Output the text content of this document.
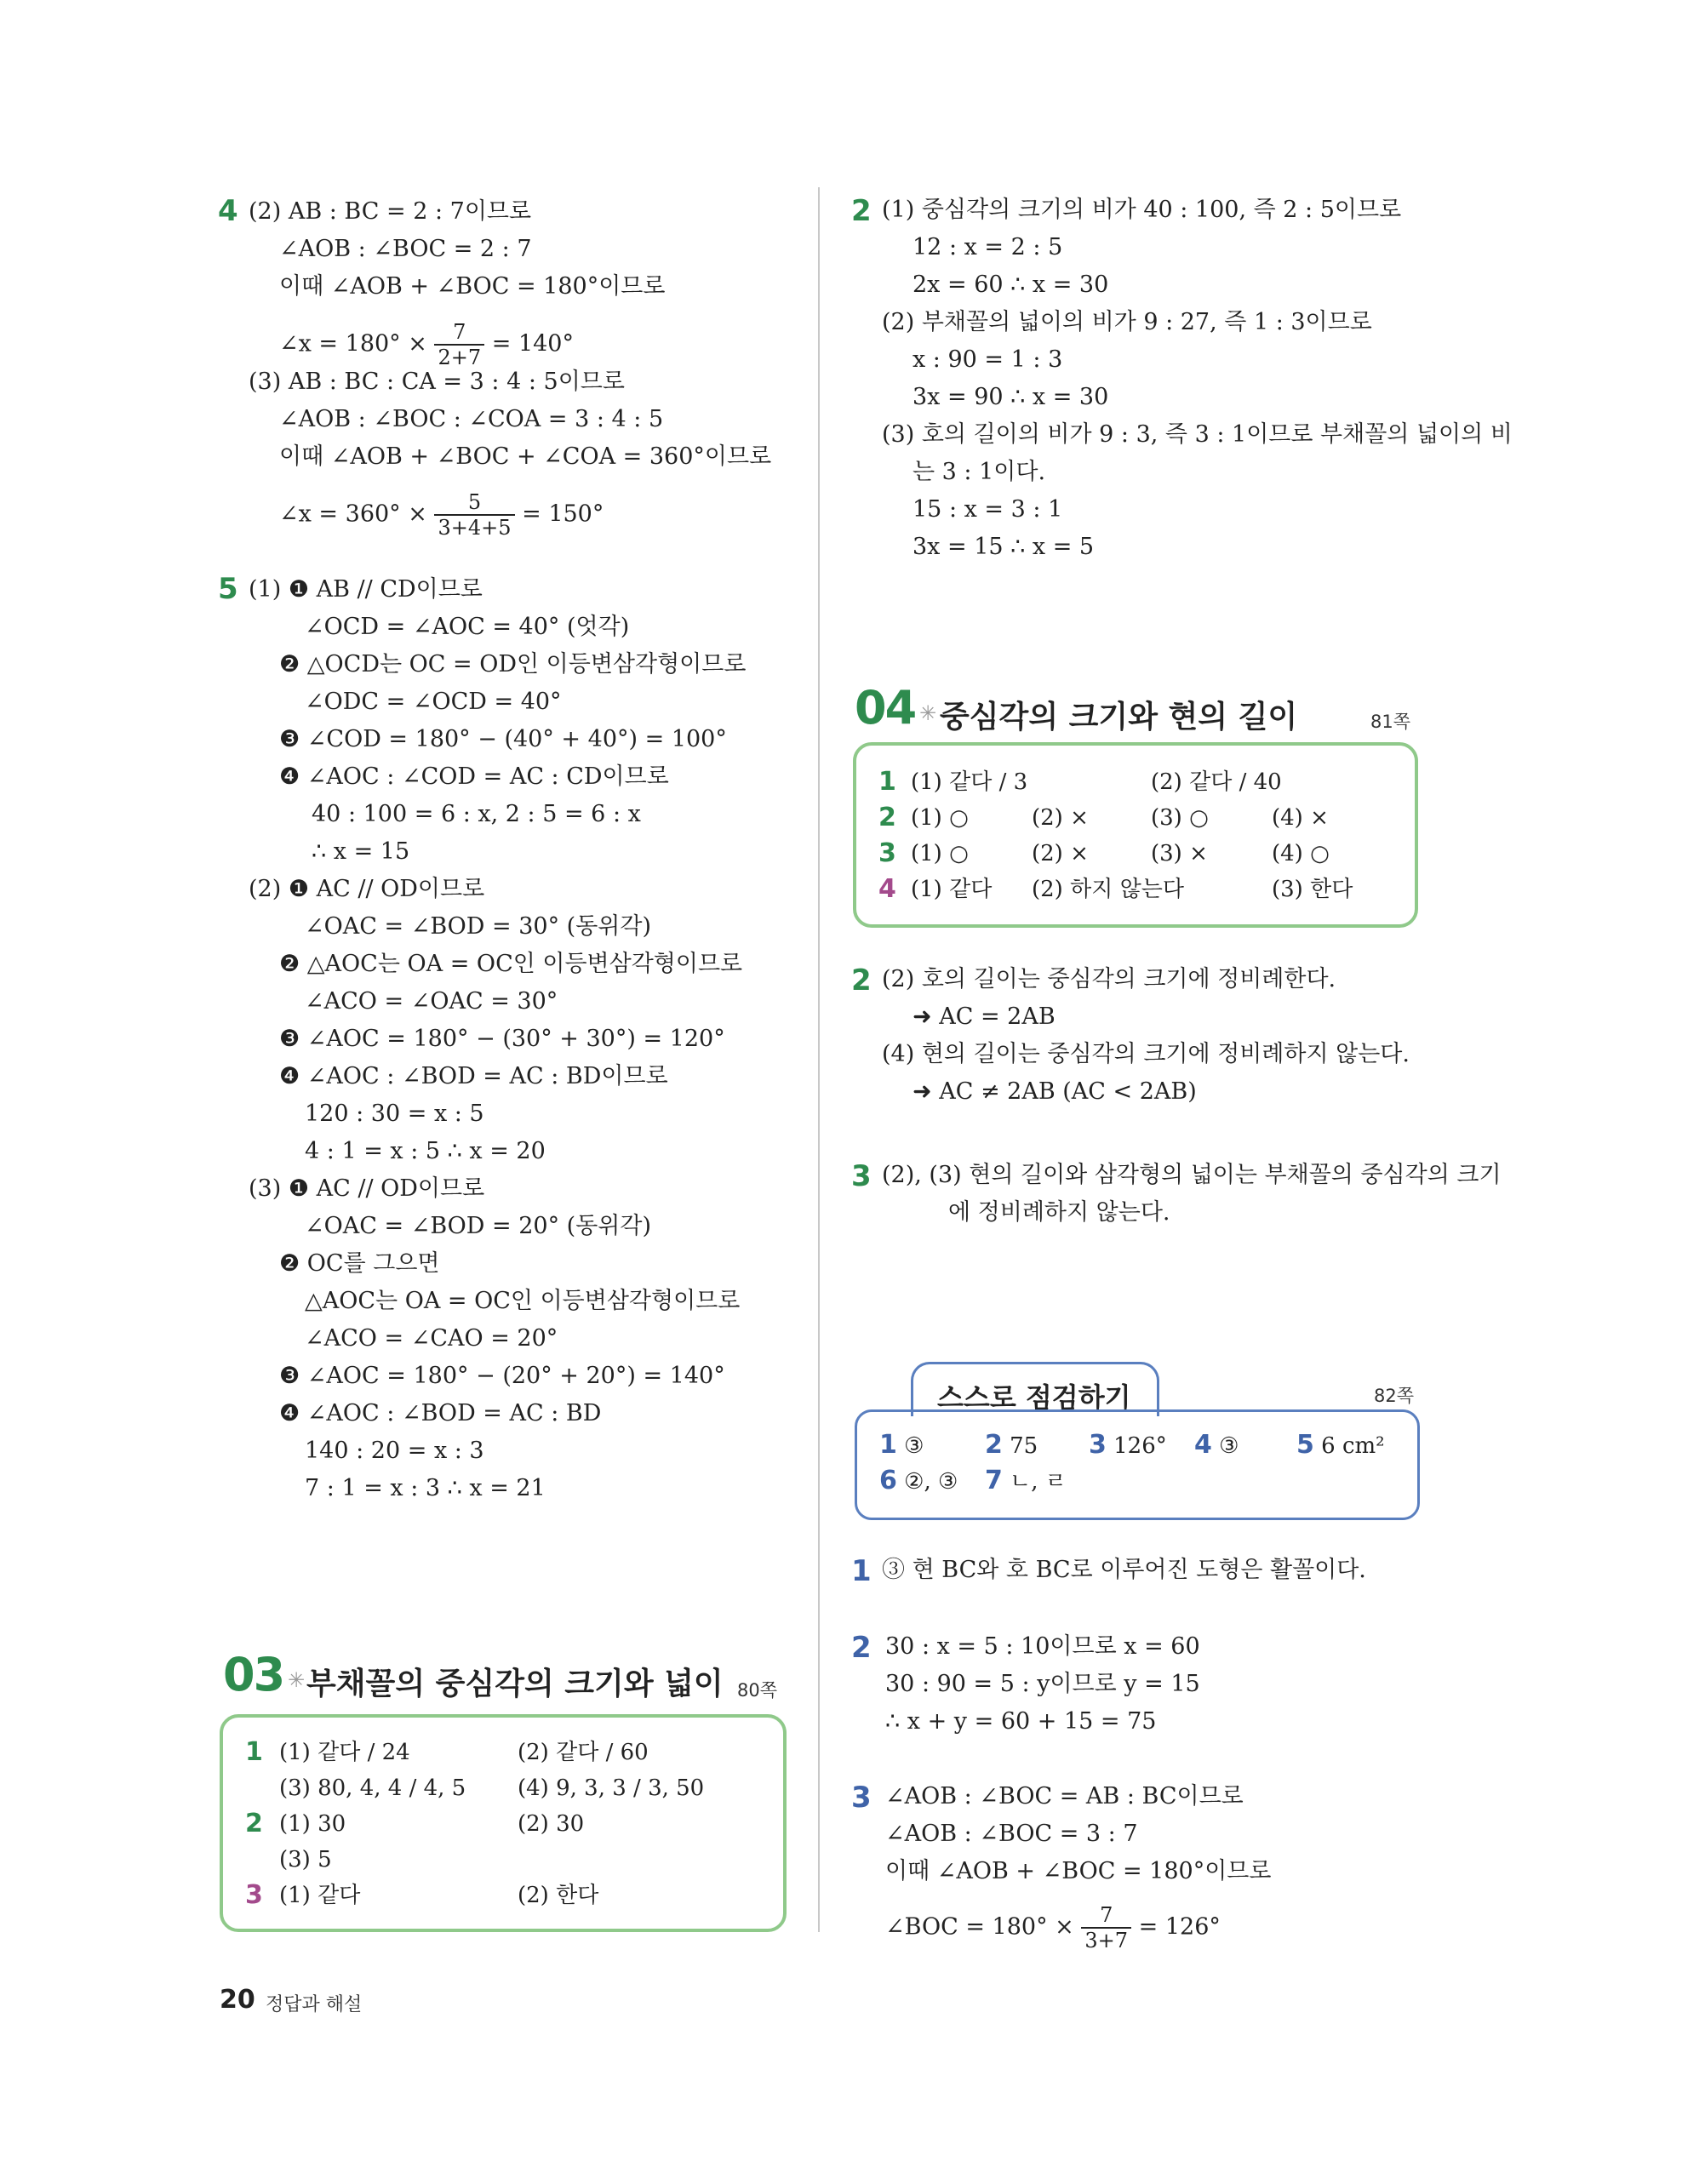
4 (2) AB : BC = 2 : 7이므로
∠AOB : ∠BOC = 2 : 7
이때 ∠AOB + ∠BOC = 180°이므로
∠x = $180^\circ \times \frac{7}{2+7} = 140^\circ$
(3) AB : BC : CA = 3 : 4 : 5이므로
∠AOB : ∠BOC : ∠COA = 3 : 4 : 5
이때 ∠AOB + ∠BOC + ∠COA = 360°이므로
∠x = $360^\circ \times \frac{5}{3+4+5} = 150^\circ$
5 (1) ❶ AB // CD이므로
∠OCD = ∠AOC = 40° (엇각)
❷ △OCD는 OC = OD인 이등변삼각형이므로
∠ODC = ∠OCD = 40°
❸ ∠COD = 180° − (40° + 40°) = 100°
❹ ∠AOC : ∠COD = AC : CD이므로
40 : 100 = 6 : x, 2 : 5 = 6 : x
∴ x = 15
(2) ❶ AC // OD이므로
∠OAC = ∠BOD = 30° (동위각)
❷ △AOC는 OA = OC인 이등변삼각형이므로
∠ACO = ∠OAC = 30°
❸ ∠AOC = 180° − (30° + 30°) = 120°
❹ ∠AOC : ∠BOD = AC : BD이므로
120 : 30 = x : 5
4 : 1 = x : 5 ∴ x = 20
(3) ❶ AC // OD이므로
∠OAC = ∠BOD = 20° (동위각)
❷ OC를 그으면
△AOC는 OA = OC인 이등변삼각형이므로
∠ACO = ∠CAO = 20°
❸ ∠AOC = 180° − (20° + 20°) = 140°
❹ ∠AOC : ∠BOD = AC : BD
140 : 20 = x : 3
7 : 1 = x : 3 ∴ x = 21
03 ✳ 부채꼴의 중심각의 크기와 넓이 80쪽
1 (1) 같다 / 24	(2) 같다 / 60
(3) 80, 4, 4 / 4, 5 (4) 9, 3, 3 / 3, 50
2 (1) 30	(2) 30
(3) 5
3 (1) 같다	(2) 한다
2 (1) 중심각의 크기의 비가 40 : 100, 즉 2 : 5이므로
12 : x = 2 : 5
2x = 60 ∴ x = 30
(2) 부채꼴의 넓이의 비가 9 : 27, 즉 1 : 3이므로
x : 90 = 1 : 3
3x = 90 ∴ x = 30
(3) 호의 길이의 비가 9 : 3, 즉 3 : 1이므로 부채꼴의 넓이의 비
는 3 : 1이다.
15 : x = 3 : 1
3x = 15 ∴ x = 5
04 ✳ 중심각의 크기와 현의 길이	81쪽
1 (1) 같다 / 3	(2) 같다 / 40
2 (1) ○	(2) ×	(3) ○	(4) ×
3 (1) ○	(2) ×	(3) ×	(4) ○
4 (1) 같다 (2) 하지 않는다	(3) 한다
2 (2) 호의 길이는 중심각의 크기에 정비례한다.
➜ AC = 2AB
(4) 현의 길이는 중심각의 크기에 정비례하지 않는다.
➜ AC ≠ 2AB (AC < 2AB)
3 (2), (3) 현의 길이와 삼각형의 넓이는 부채꼴의 중심각의 크기
에 정비례하지 않는다.
스스로 점검하기	82쪽
1 ③ 2 75 3 126° 4 ③ 5 6 cm²
6 ②, ③ 7 ㄴ, ㄹ
1 ③ 현 BC와 호 BC로 이루어진 도형은 활꼴이다.
2 30 : x = 5 : 10이므로 x = 60
30 : 90 = 5 : y이므로 y = 15
∴ x + y = 60 + 15 = 75
3 ∠AOB : ∠BOC = AB : BC이므로
∠AOB : ∠BOC = 3 : 7
이때 ∠AOB + ∠BOC = 180°이므로
∠BOC = $180^\circ \times \frac{7}{3+7} = 126^\circ$
20 정답과 해설
